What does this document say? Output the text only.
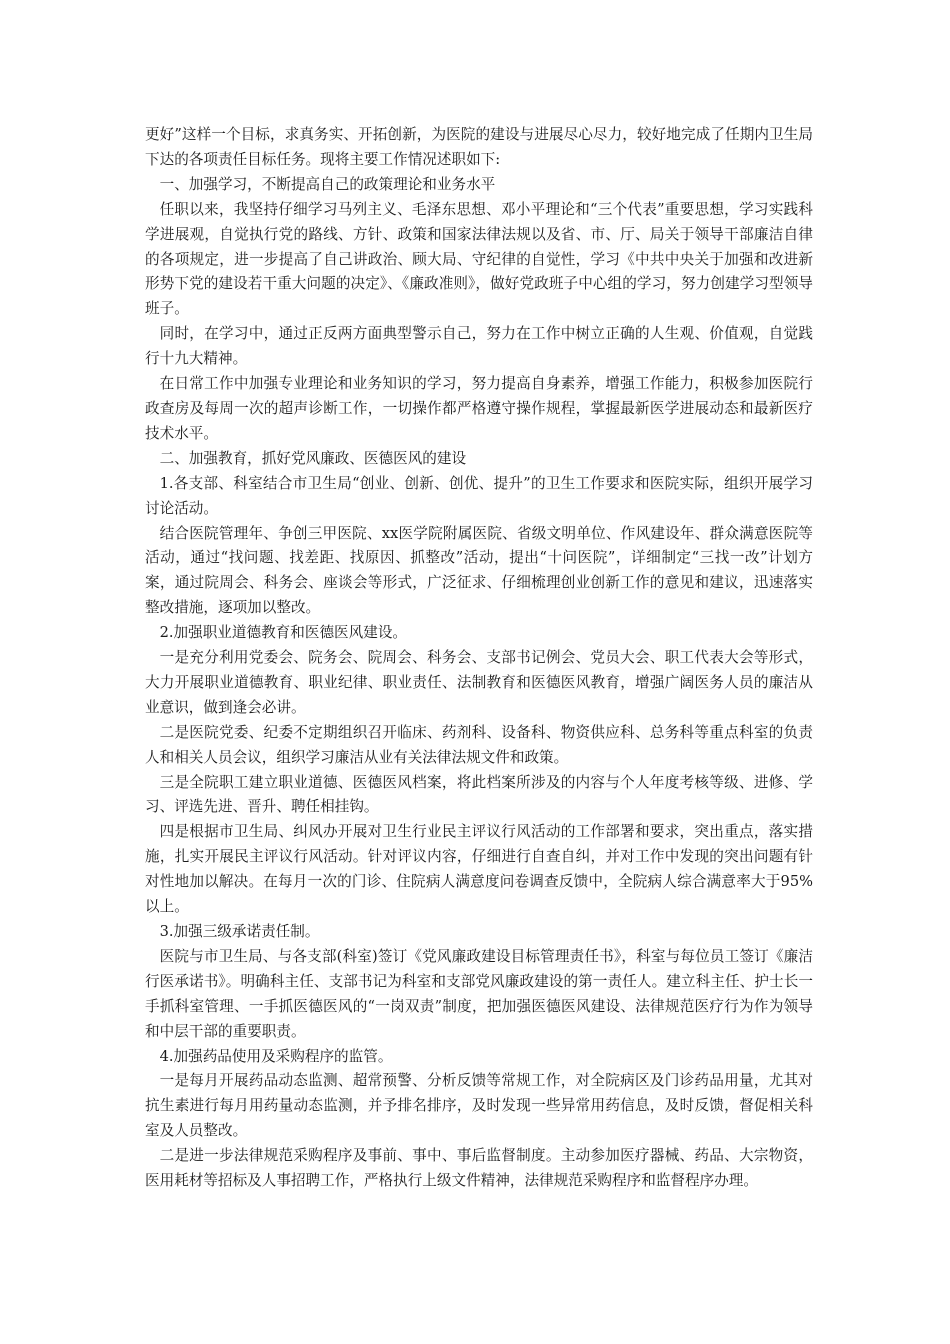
更好”这样一个目标，求真务实、开拓创新，为医院的建设与进展尽心尽力，较好地完成了任期内卫生局下达的各项责任目标任务。现将主要工作情况述职如下:

一、加强学习，不断提高自己的政策理论和业务水平

任职以来，我坚持仔细学习马列主义、毛泽东思想、邓小平理论和“三个代表”重要思想，学习实践科学进展观，自觉执行党的路线、方针、政策和国家法律法规以及省、市、厅、局关于领导干部廉洁自律的各项规定，进一步提高了自己讲政治、顾大局、守纪律的自觉性，学习《中共中央关于加强和改进新形势下党的建设若干重大问题的决定》、《廉政准则》，做好党政班子中心组的学习，努力创建学习型领导班子。

同时，在学习中，通过正反两方面典型警示自己，努力在工作中树立正确的人生观、价值观，自觉践行十九大精神。

在日常工作中加强专业理论和业务知识的学习，努力提高自身素养，增强工作能力，积极参加医院行政查房及每周一次的超声诊断工作，一切操作都严格遵守操作规程，掌握最新医学进展动态和最新医疗技术水平。

二、加强教育，抓好党风廉政、医德医风的建设

1.各支部、科室结合市卫生局“创业、创新、创优、提升”的卫生工作要求和医院实际，组织开展学习讨论活动。

结合医院管理年、争创三甲医院、xx医学院附属医院、省级文明单位、作风建设年、群众满意医院等活动，通过“找问题、找差距、找原因、抓整改”活动，提出“十问医院”，详细制定“三找一改”计划方案，通过院周会、科务会、座谈会等形式，广泛征求、仔细梳理创业创新工作的意见和建议，迅速落实整改措施，逐项加以整改。

2.加强职业道德教育和医德医风建设。

一是充分利用党委会、院务会、院周会、科务会、支部书记例会、党员大会、职工代表大会等形式，大力开展职业道德教育、职业纪律、职业责任、法制教育和医德医风教育，增强广阔医务人员的廉洁从业意识，做到逢会必讲。

二是医院党委、纪委不定期组织召开临床、药剂科、设备科、物资供应科、总务科等重点科室的负责人和相关人员会议，组织学习廉洁从业有关法律法规文件和政策。

三是全院职工建立职业道德、医德医风档案，将此档案所涉及的内容与个人年度考核等级、进修、学习、评选先进、晋升、聘任相挂钩。

四是根据市卫生局、纠风办开展对卫生行业民主评议行风活动的工作部署和要求，突出重点，落实措施，扎实开展民主评议行风活动。针对评议内容，仔细进行自查自纠，并对工作中发现的突出问题有针对性地加以解决。在每月一次的门诊、住院病人满意度问卷调查反馈中，全院病人综合满意率大于95%以上。

3.加强三级承诺责任制。

医院与市卫生局、与各支部(科室)签订《党风廉政建设目标管理责任书》，科室与每位员工签订《廉洁行医承诺书》。明确科主任、支部书记为科室和支部党风廉政建设的第一责任人。建立科主任、护士长一手抓科室管理、一手抓医德医风的“一岗双责”制度，把加强医德医风建设、法律规范医疗行为作为领导和中层干部的重要职责。

4.加强药品使用及采购程序的监管。

一是每月开展药品动态监测、超常预警、分析反馈等常规工作，对全院病区及门诊药品用量，尤其对抗生素进行每月用药量动态监测，并予排名排序，及时发现一些异常用药信息，及时反馈，督促相关科室及人员整改。

二是进一步法律规范采购程序及事前、事中、事后监督制度。主动参加医疗器械、药品、大宗物资，医用耗材等招标及人事招聘工作，严格执行上级文件精神，法律规范采购程序和监督程序办理。
